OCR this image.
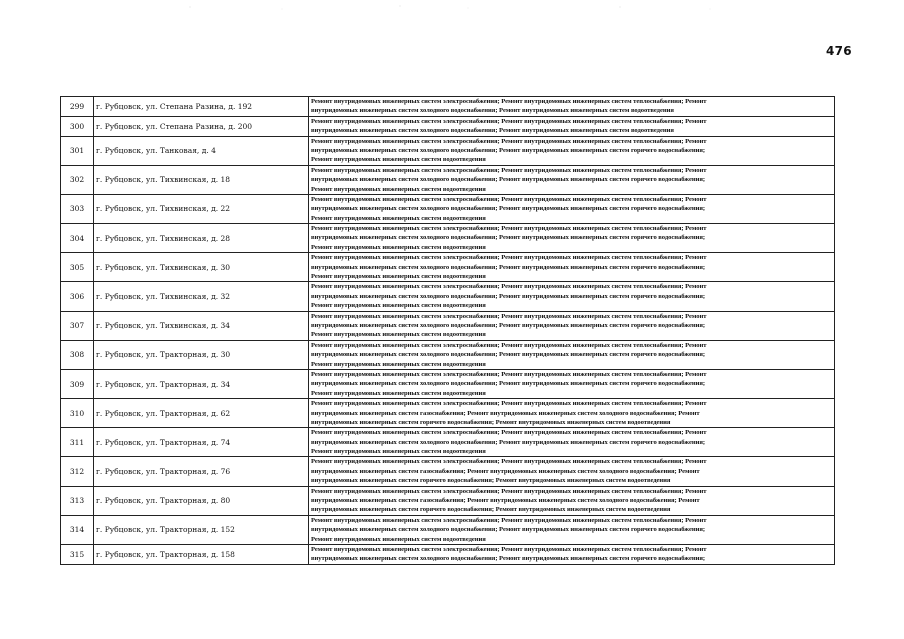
476
299	г. Рубцовск, ул. Степана Разина, д. 192	Ремонт внутридомовых инженерных систем электроснабжения; Ремонт внутридомовых инженерных систем теплоснабжения; Ремонт
внутридомовых инженерных систем холодного водоснабжения; Ремонт внутридомовых инженерных систем водоотведения

300	г. Рубцовск, ул. Степана Разина, д. 200	Ремонт внутридомовых инженерных систем электроснабжения; Ремонт внутридомовых инженерных систем теплоснабжения; Ремонт
внутридомовых инженерных систем холодного водоснабжения; Ремонт внутридомовых инженерных систем водоотведения

301	г. Рубцовск, ул. Танковая, д. 4	Ремонт внутридомовых инженерных систем электроснабжения; Ремонт внутридомовых инженерных систем теплоснабжения; Ремонт
внутридомовых инженерных систем холодного водоснабжения; Ремонт внутридомовых инженерных систем горячего водоснабжения;
Ремонт внутридомовых инженерных систем водоотведения

302	г. Рубцовск, ул. Тихвинская, д. 18	Ремонт внутридомовых инженерных систем электроснабжения; Ремонт внутридомовых инженерных систем теплоснабжения; Ремонт
внутридомовых инженерных систем холодного водоснабжения; Ремонт внутридомовых инженерных систем горячего водоснабжения;
Ремонт внутридомовых инженерных систем водоотведения

303	г. Рубцовск, ул. Тихвинская, д. 22	Ремонт внутридомовых инженерных систем электроснабжения; Ремонт внутридомовых инженерных систем теплоснабжения; Ремонт
внутридомовых инженерных систем холодного водоснабжения; Ремонт внутридомовых инженерных систем горячего водоснабжения;
Ремонт внутридомовых инженерных систем водоотведения

304	г. Рубцовск, ул. Тихвинская, д. 28	Ремонт внутридомовых инженерных систем электроснабжения; Ремонт внутридомовых инженерных систем теплоснабжения; Ремонт
внутридомовых инженерных систем холодного водоснабжения; Ремонт внутридомовых инженерных систем горячего водоснабжения;
Ремонт внутридомовых инженерных систем водоотведения

305	г. Рубцовск, ул. Тихвинская, д. 30	Ремонт внутридомовых инженерных систем электроснабжения; Ремонт внутридомовых инженерных систем теплоснабжения; Ремонт
внутридомовых инженерных систем холодного водоснабжения; Ремонт внутридомовых инженерных систем горячего водоснабжения;
Ремонт внутридомовых инженерных систем водоотведения

306	г. Рубцовск, ул. Тихвинская, д. 32	Ремонт внутридомовых инженерных систем электроснабжения; Ремонт внутридомовых инженерных систем теплоснабжения; Ремонт
внутридомовых инженерных систем холодного водоснабжения; Ремонт внутридомовых инженерных систем горячего водоснабжения;
Ремонт внутридомовых инженерных систем водоотведения

307	г. Рубцовск, ул. Тихвинская, д. 34	Ремонт внутридомовых инженерных систем электроснабжения; Ремонт внутридомовых инженерных систем теплоснабжения; Ремонт
внутридомовых инженерных систем холодного водоснабжения; Ремонт внутридомовых инженерных систем горячего водоснабжения;
Ремонт внутридомовых инженерных систем водоотведения

308	г. Рубцовск, ул. Тракторная, д. 30	Ремонт внутридомовых инженерных систем электроснабжения; Ремонт внутридомовых инженерных систем теплоснабжения; Ремонт
внутридомовых инженерных систем холодного водоснабжения; Ремонт внутридомовых инженерных систем горячего водоснабжения;
Ремонт внутридомовых инженерных систем водоотведения

309	г. Рубцовск, ул. Тракторная, д. 34	Ремонт внутридомовых инженерных систем электроснабжения; Ремонт внутридомовых инженерных систем теплоснабжения; Ремонт
внутридомовых инженерных систем холодного водоснабжения; Ремонт внутридомовых инженерных систем горячего водоснабжения;
Ремонт внутридомовых инженерных систем водоотведения

310	г. Рубцовск, ул. Тракторная, д. 62	Ремонт внутридомовых инженерных систем электроснабжения; Ремонт внутридомовых инженерных систем теплоснабжения; Ремонт
внутридомовых инженерных систем газоснабжения; Ремонт внутридомовых инженерных систем холодного водоснабжения; Ремонт
внутридомовых инженерных систем горячего водоснабжения; Ремонт внутридомовых инженерных систем водоотведения

311	г. Рубцовск, ул. Тракторная, д. 74	Ремонт внутридомовых инженерных систем электроснабжения; Ремонт внутридомовых инженерных систем теплоснабжения; Ремонт
внутридомовых инженерных систем холодного водоснабжения; Ремонт внутридомовых инженерных систем горячего водоснабжения;
Ремонт внутридомовых инженерных систем водоотведения

312	г. Рубцовск, ул. Тракторная, д. 76	Ремонт внутридомовых инженерных систем электроснабжения; Ремонт внутридомовых инженерных систем теплоснабжения; Ремонт
внутридомовых инженерных систем газоснабжения; Ремонт внутридомовых инженерных систем холодного водоснабжения; Ремонт
внутридомовых инженерных систем горячего водоснабжения; Ремонт внутридомовых инженерных систем водоотведения

313	г. Рубцовск, ул. Тракторная, д. 80	Ремонт внутридомовых инженерных систем электроснабжения; Ремонт внутридомовых инженерных систем теплоснабжения; Ремонт
внутридомовых инженерных систем газоснабжения; Ремонт внутридомовых инженерных систем холодного водоснабжения; Ремонт
внутридомовых инженерных систем горячего водоснабжения; Ремонт внутридомовых инженерных систем водоотведения

314	г. Рубцовск, ул. Тракторная, д. 152	Ремонт внутридомовых инженерных систем электроснабжения; Ремонт внутридомовых инженерных систем теплоснабжения; Ремонт
внутридомовых инженерных систем холодного водоснабжения; Ремонт внутридомовых инженерных систем горячего водоснабжения;
Ремонт внутридомовых инженерных систем водоотведения

315	г. Рубцовск, ул. Тракторная, д. 158	Ремонт внутридомовых инженерных систем электроснабжения; Ремонт внутридомовых инженерных систем теплоснабжения; Ремонт
внутридомовых инженерных систем холодного водоснабжения; Ремонт внутридомовых инженерных систем горячего водоснабжения;
